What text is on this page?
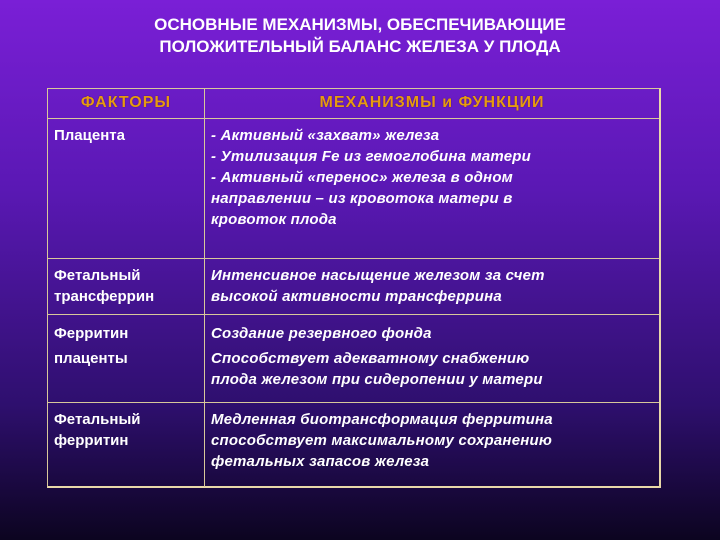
ОСНОВНЫЕ МЕХАНИЗМЫ, ОБЕСПЕЧИВАЮЩИЕ
ПОЛОЖИТЕЛЬНЫЙ БАЛАНС ЖЕЛЕЗА У ПЛОДА
ФАКТОРЫ	МЕХАНИЗМЫ и ФУНКЦИИ
Плацента	- Активный «захват» железа
- Утилизация Fe из гемоглобина матери
- Активный «перенос» железа в одном
направлении – из кровотока матери в
кровоток плода
Фетальный
трансферрин
Интенсивное насыщение железом за счет
высокой активности трансферрина
Ферритин
плаценты
Создание резервного фонда
Способствует адекватному снабжению
плода железом при сидеропении у матери
Фетальный
ферритин
Медленная биотрансформация ферритина
способствует максимальному сохранению
фетальных запасов железа
